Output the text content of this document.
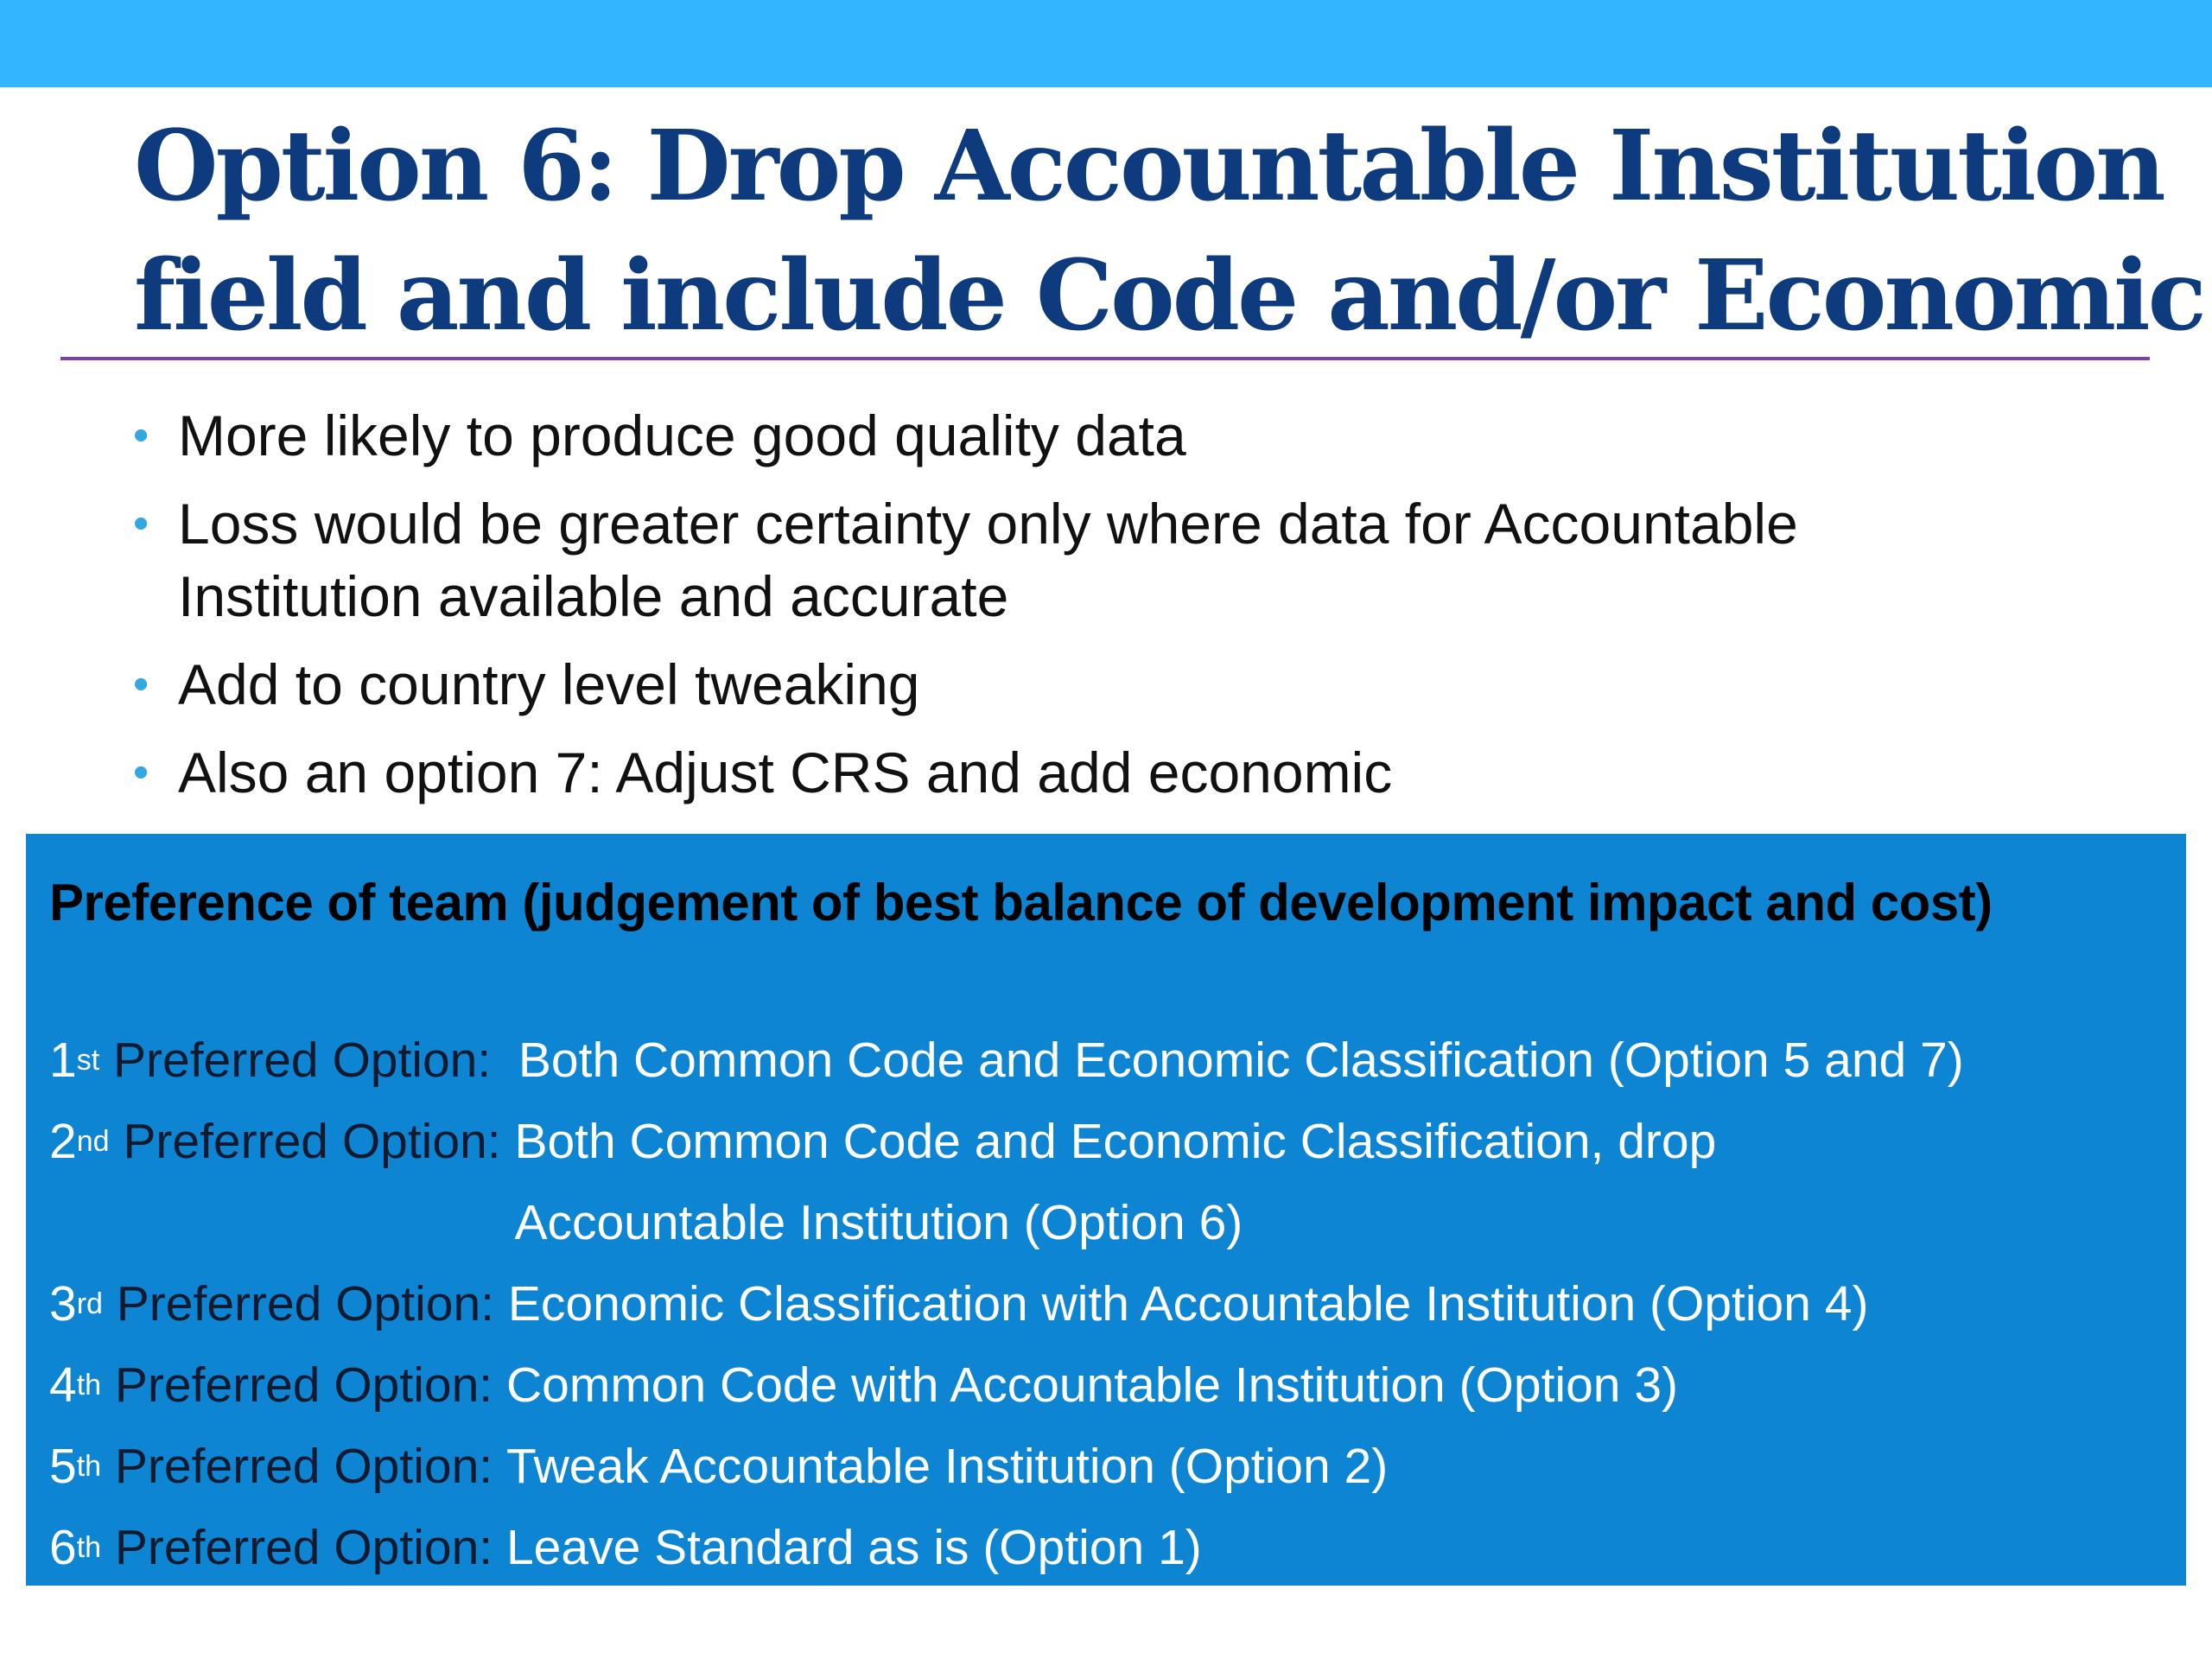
Option 6: Drop Accountable Institution
field and include Code and/or Economic
• More likely to produce good quality data
• Loss would be greater certainty only where data for Accountable Institution available and accurate
• Add to country level tweaking
• Also an option 7: Adjust CRS and add economic

Preference of team (judgement of best balance of development impact and cost)

1 st
Preferred Option:
Both Common Code and Economic Classification (Option 5 and 7)
2 nd
Preferred Option:
Both Common Code and Economic Classification, drop Accountable Institution (Option 6)
3 rd
Preferred Option:
Economic Classification with Accountable Institution (Option 4)
4 th
Preferred Option:
Common Code with Accountable Institution (Option 3)
5 th
Preferred Option:
Tweak Accountable Institution (Option 2)
6 th
Preferred Option:
Leave Standard as is (Option 1)
